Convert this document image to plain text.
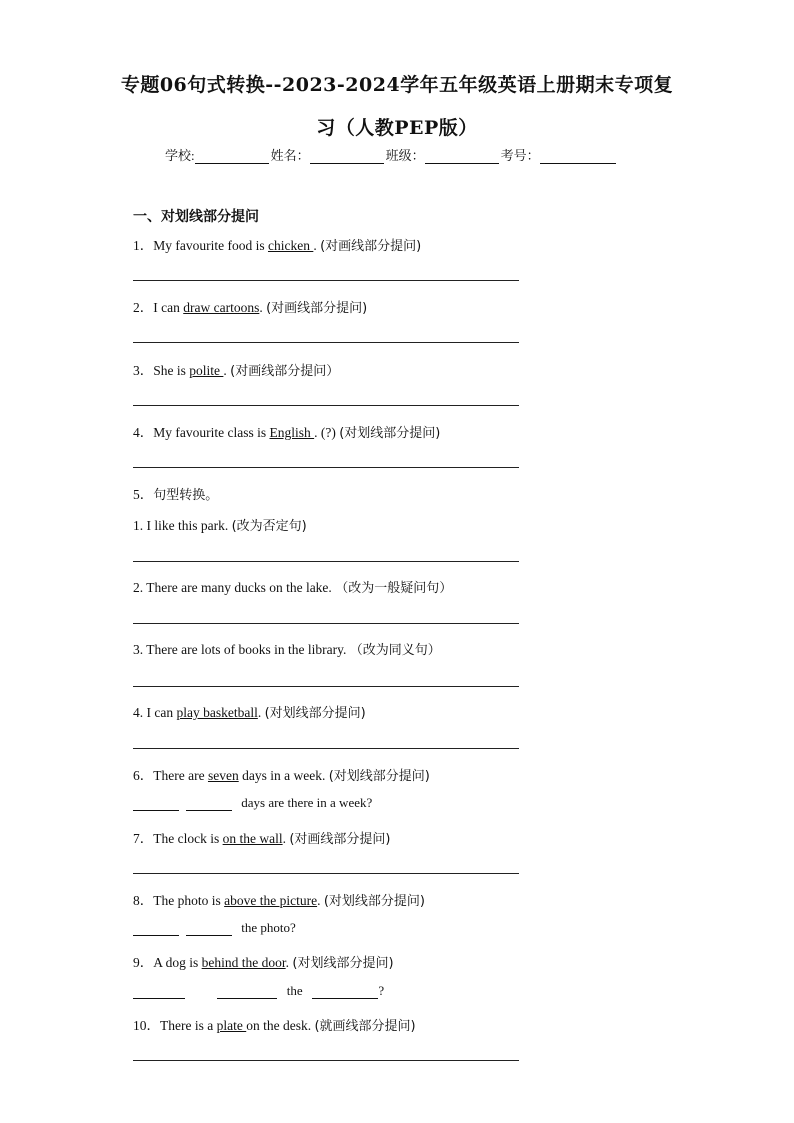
专题06句式转换--2023-2024学年五年级英语上册期末专项复
习（人教PEP版）
学校:	姓名：	班级：	考号：
一、对划线部分提问
1．My favourite food is chicken . (对画线部分提问)
2．I can draw cartoons. (对画线部分提问)
3．She is polite . (对画线部分提问）
4．My favourite class is English . (?) (对划线部分提问)
5．句型转换。
1. I like this park. (改为否定句)
2. There are many ducks on the lake. （改为一般疑问句）
3. There are lots of books in the library. （改为同义句）
4. I can play basketball. (对划线部分提问)
6．There are seven days in a week. (对划线部分提问)
days are there in a week?
7．The clock is on the wall. (对画线部分提问)
8．The photo is above the picture. (对划线部分提问)
the photo?
9．A dog is behind the door. (对划线部分提问)
the	?
10．There is a plate on the desk. (就画线部分提问)
